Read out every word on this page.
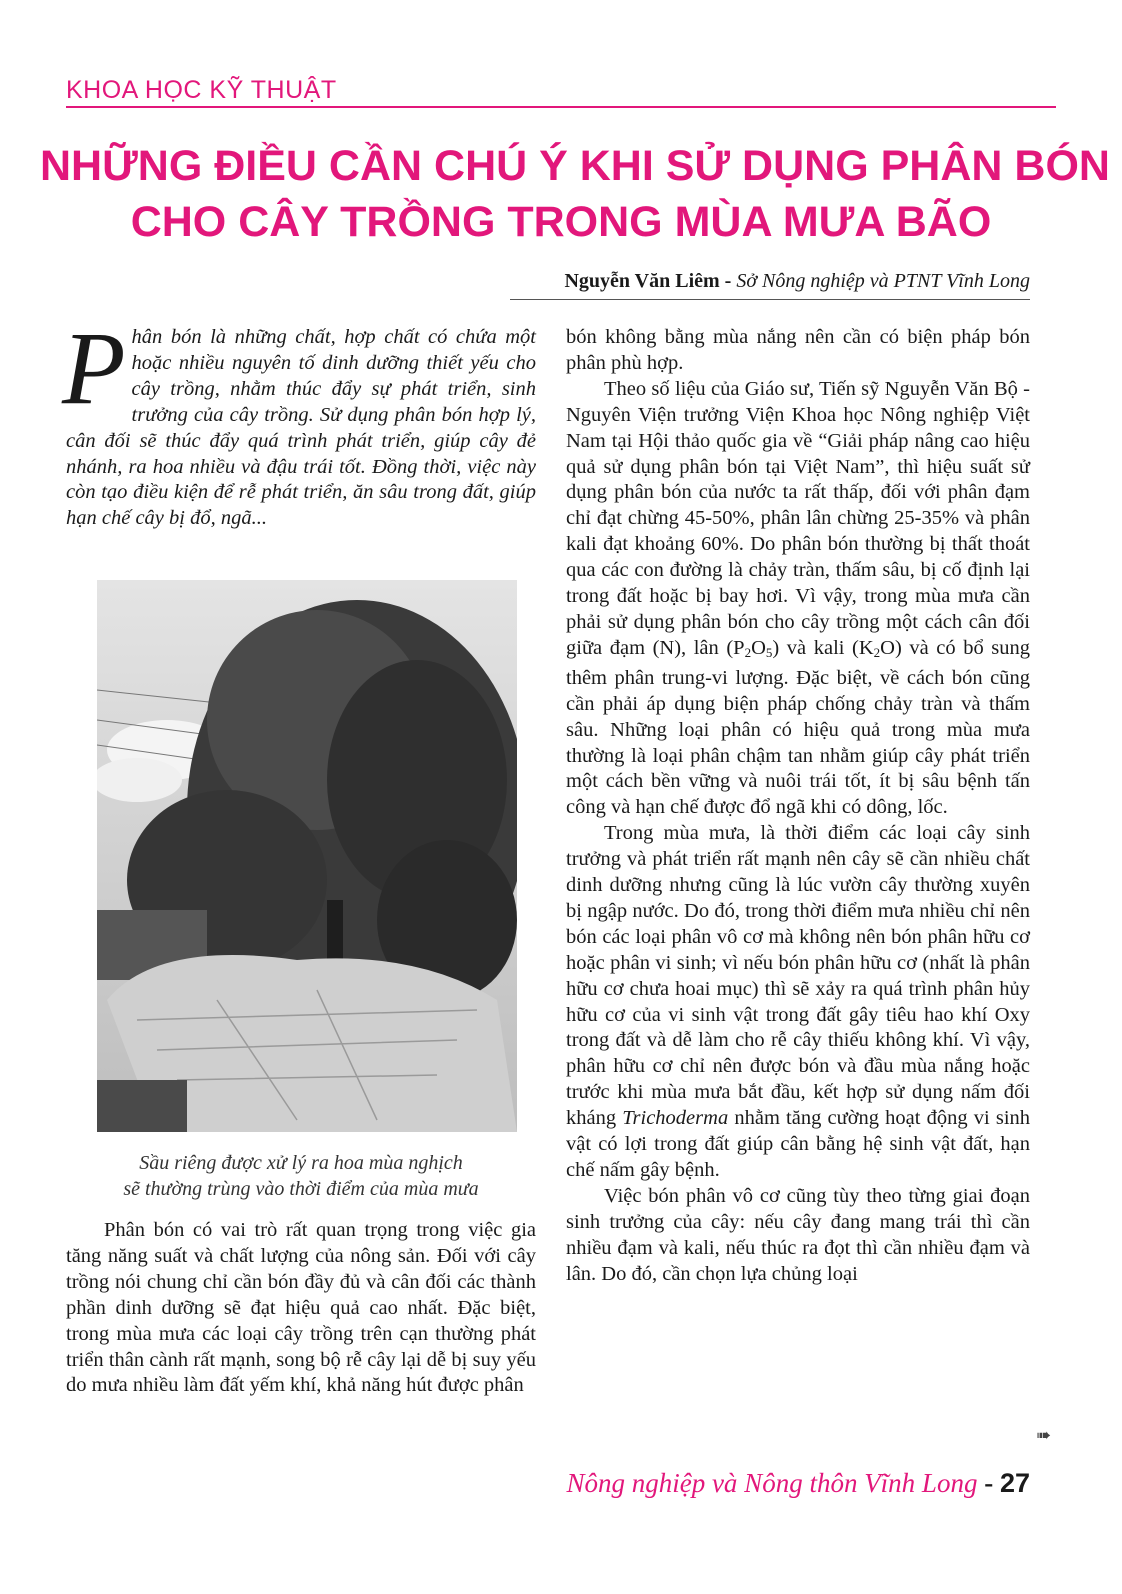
KHOA HỌC KỸ THUẬT
NHỮNG ĐIỀU CẦN CHÚ Ý KHI SỬ DỤNG PHÂN BÓN
CHO CÂY TRỒNG TRONG MÙA MƯA BÃO
Nguyễn Văn Liêm - Sở Nông nghiệp và PTNT Vĩnh Long
Phân bón là những chất, hợp chất có chứa một hoặc nhiều nguyên tố dinh dưỡng thiết yếu cho cây trồng, nhằm thúc đẩy sự phát triển, sinh trưởng của cây trồng. Sử dụng phân bón hợp lý, cân đối sẽ thúc đẩy quá trình phát triển, giúp cây đẻ nhánh, ra hoa nhiều và đậu trái tốt. Đồng thời, việc này còn tạo điều kiện để rễ phát triển, ăn sâu trong đất, giúp hạn chế cây bị đổ, ngã...
Sầu riêng được xử lý ra hoa mùa nghịch
sẽ thường trùng vào thời điểm của mùa mưa

Phân bón có vai trò rất quan trọng trong việc gia tăng năng suất và chất lượng của nông sản. Đối với cây trồng nói chung chỉ cần bón đầy đủ và cân đối các thành phần dinh dưỡng sẽ đạt hiệu quả cao nhất. Đặc biệt, trong mùa mưa các loại cây trồng trên cạn thường phát triển thân cành rất mạnh, song bộ rễ cây lại dễ bị suy yếu do mưa nhiều làm đất yếm khí, khả năng hút được phân

bón không bằng mùa nắng nên cần có biện pháp bón phân phù hợp.

Theo số liệu của Giáo sư, Tiến sỹ Nguyễn Văn Bộ - Nguyên Viện trưởng Viện Khoa học Nông nghiệp Việt Nam tại Hội thảo quốc gia về “Giải pháp nâng cao hiệu quả sử dụng phân bón tại Việt Nam”, thì hiệu suất sử dụng phân bón của nước ta rất thấp, đối với phân đạm chỉ đạt chừng 45-50%, phân lân chừng 25-35% và phân kali đạt khoảng 60%. Do phân bón thường bị thất thoát qua các con đường là chảy tràn, thấm sâu, bị cố định lại trong đất hoặc bị bay hơi. Vì vậy, trong mùa mưa cần phải sử dụng phân bón cho cây trồng một cách cân đối giữa đạm (N), lân $(P_2O_5)$ và kali $(K_2O)$ và có bổ sung thêm phân trung-vi lượng. Đặc biệt, về cách bón cũng cần phải áp dụng biện pháp chống chảy tràn và thấm sâu. Những loại phân có hiệu quả trong mùa mưa thường là loại phân chậm tan nhằm giúp cây phát triển một cách bền vững và nuôi trái tốt, ít bị sâu bệnh tấn công và hạn chế được đổ ngã khi có dông, lốc.

Trong mùa mưa, là thời điểm các loại cây sinh trưởng và phát triển rất mạnh nên cây sẽ cần nhiều chất dinh dưỡng nhưng cũng là lúc vườn cây thường xuyên bị ngập nước. Do đó, trong thời điểm mưa nhiều chỉ nên bón các loại phân vô cơ mà không nên bón phân hữu cơ hoặc phân vi sinh; vì nếu bón phân hữu cơ (nhất là phân hữu cơ chưa hoai mục) thì sẽ xảy ra quá trình phân hủy hữu cơ của vi sinh vật trong đất gây tiêu hao khí Oxy trong đất và dễ làm cho rễ cây thiếu không khí. Vì vậy, phân hữu cơ chỉ nên được bón và đầu mùa nắng hoặc trước khi mùa mưa bắt đầu, kết hợp sử dụng nấm đối kháng Trichoderma nhằm tăng cường hoạt động vi sinh vật có lợi trong đất giúp cân bằng hệ sinh vật đất, hạn chế nấm gây bệnh.

Việc bón phân vô cơ cũng tùy theo từng giai đoạn sinh trưởng của cây: nếu cây đang mang trái thì cần nhiều đạm và kali, nếu thúc ra đọt thì cần nhiều đạm và lân. Do đó, cần chọn lựa chủng loại

➠
Nông nghiệp và Nông thôn Vĩnh Long - 27
